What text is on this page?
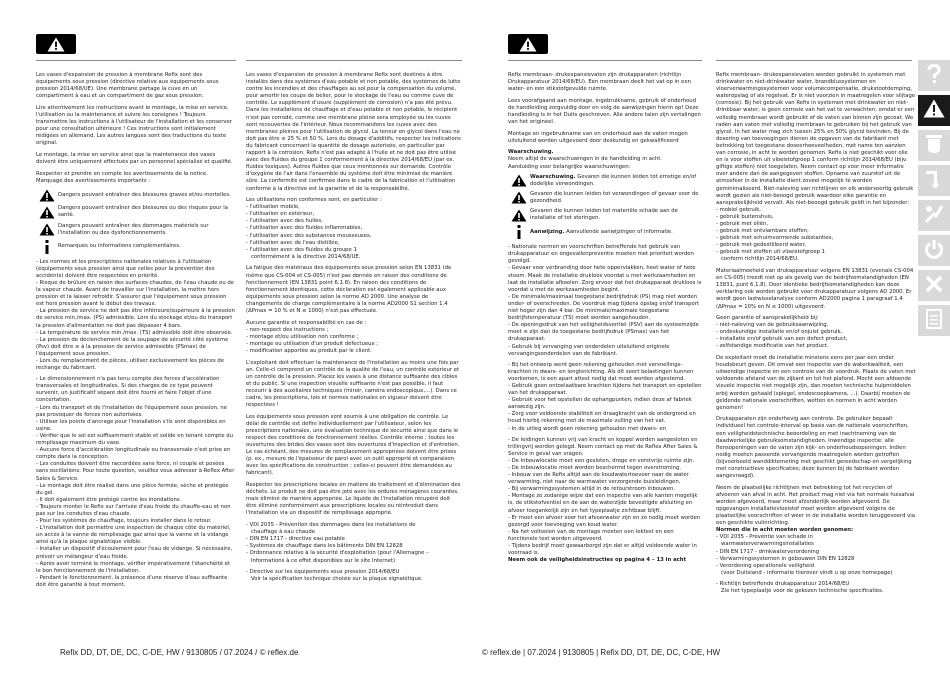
Les vases d'expansion de pression à membrane Refix sont des équipements sous pression (directive relative aux équipements sous pression 2014/68/UE). Une membrane partage la cuve en un compartiment à eau et un compartiment de gaz sous pression.

Lire attentivement les instructions avant le montage, la mise en service, l'utilisation ou la maintenance et suivre les consignes ! Toujours transmettre les instructions à l'utilisateur de l'installation et les conserver pour une consultation ultérieure ! Ces instructions sont initialement rédigées en allemand. Les autres langues sont des traductions du texte original.

Le montage, la mise en service ainsi que la maintenance des vases doivent être uniquement effectués par un personnel spécialisé et qualifié.

Respecter et prendre en compte les avertissements de la notice.

Marquage des avertissements importants :

Dangers pouvant entraîner des blessures graves et/ou mortelles.
Dangers pouvant entraîner des blessures ou des risques pour la santé.
Dangers pouvant entraîner des dommages matériels sur l'installation ou des dysfonctionnements.
Remarques ou informations complémentaires.

- Les normes et les prescriptions nationales relatives à l'utilisation (équipements sous pression ainsi que celles pour la prévention des accidents) doivent être respectées en priorité.

- Risque de brûlure en raison des surfaces chaudes, de l'eau chaude ou de la vapeur chaude. Avant de travailler sur l'installation, la mettre hors pression et la laisser refroidir. S'assurer que l'équipement sous pression est hors pression avant le début des travaux.

- La pression de service ne doit pas être inférieure/supérieure à la pression de service min./max. (PS) admissible. Lors du stockage et/ou du transport la pression d'alimentation ne doit pas dépasser 4 bars.

- La température de service min./max. (TS) admissible doit être observée.

- La pression de déclenchement de la soupape de sécurité côté système (Psv) doit être ≤ à la pression de service admissible (PSmax) de l'équipement sous pression.

- Lors du remplacement de pièces, utiliser exclusivement les pièces de rechange du fabricant.

- Le dimensionnement n'a pas tenu compte des forces d'accélération transversales et longitudinales. Si des charges de ce type peuvent survenir, un justificatif séparé doit être fourni et faire l'objet d'une concertation.

- Lors du transport et de l'installation de l'équipement sous pression, ne pas provoquer de forces non autorisées.

- Utiliser les points d'ancrage pour l'installation s'ils sont disponibles en usine.

- Vérifier que le sol est suffisamment stable et solide en tenant compte du remplissage maximum du vase.

- Aucune force d'accélération longitudinale ou transversale n'est prise en compte dans la conception.

- Les conduites doivent être raccordées sans force, ni couple et posées sans oscillations. Pour toute question, veuillez vous adresser à Reflex After Sales & Service.

- Le montage doit être réalisé dans une pièce fermée, sèche et protégée du gel.

- Il doit également être protégé contre les inondations.

- Toujours monter le Refix sur l'arrivée d'eau froide du chauffe-eau et non pas sur les conduites d'eau chaude.

- Pour les systèmes de chauffage, toujours installer dans le retour.

- L'installation doit permettre une inspection de chaque côté du matériel, un accès à la vanne de remplissage gaz ainsi que la vanne et la vidange ainsi qu'à la plaque signalétique visible.

- Installer un dispositif d'écoulement pour l'eau de vidange. Si nécessaire, prévoir un mélangeur d'eau froide.

- Après avoir terminé le montage, vérifier impérativement l'étanchéité et le bon fonctionnement de l'installation.

- Pendant le fonctionnement, la présence d'une réserve d'eau suffisante doit être garantie à tout moment.

Les vases d'expansion de pression à membrane Refix sont destinés à être installés dans des systèmes d'eau potable et non potable, des systèmes de lutte contre les incendies et des chauffages au sol pour la compensation du volume, pour amortir les coups de bélier, pour le stockage de l'eau ou comme cuve de contrôle. Le supplément d'usure (supplément de corrosion) n'a pas été prévu. Dans les installations de chauffage et d'eau potable et non potable, le récipient n'est pas corrodé, comme une membrane pleine sera employée ou les cuves sont recouvertes de l'intérieur. Nous recommandons les cuves avec des membranes pleines pour l'utilisation de glycol. La teneur en glycol dans l'eau ne doit pas être ≤ 25 % et 50 %. Lors du dosage d'additifs, respecter les indications du fabricant concernant la quantité de dosage autorisée, en particulier par rapport à la corrosion. Refix n'est pas adapté à l'huile et ne doit pas être utilisé avec des fluides du groupe 1 conformément à la directive 2014/68/EU (par ex. fluides toxiques). Autres fluides que ceux mentionnés sur demande. Contrôle d'oxygène de l'air dans l'ensemble du système doit être minimisé de manière sûre. La conformité est confirmée dans le cadre de la fabrication et l'utilisation conforme à la directive est la garantie et de la responsabilité.

Les utilisations non conformes sont, en particulier :

- l'utilisation mobile,

- l'utilisation en extérieur,

- l'utilisation avec des huiles,

- l'utilisation avec des fluides inflammables,

- l'utilisation avec des substances mousseuses,

- l'utilisation avec de l'eau distillée,

- l'utilisation avec des fluides du groupe 1

conformément à la directive 2014/68/UE.

La fatigue des matériaux des équipements sous pression selon EN 13831 (de même que CS-004 et CS-005) n'est pas donnée en raison des conditions de fonctionnement (EN 13831 point 6.1.8). En raison des conditions de fonctionnement identiques, cette déclaration est également applicable aux équipements sous pression selon la norme AD 2000. Une analyse de changements de charge complémentaire à la norme AD2000 S1 section 1.4 (ΔPmax = 10 % et N ≤ 1000) n'est pas effectuée.

Aucune garantie et responsabilité en cas de :

- non-respect des instructions ;

- montage et/ou utilisation non conforme ;

- montage ou utilisation d'un produit défectueux ;

- modification apportée au produit par le client.

L'exploitant doit effectuer la maintenance de l'installation au moins une fois par an. Celle-ci comprend un contrôle de la qualité de l'eau, un contrôle extérieur et un contrôle de la pression. Placez les vases à une distance suffisante des cibles et du public. Si une inspection visuelle suffisante n'est pas possible, il faut recourir à des auxiliaires techniques (miroir, caméra endoscopique,...). Dans ce cadre, les prescriptions, lois et normes nationales en vigueur doivent être respectées !

Les équipements sous pression sont soumis à une obligation de contrôle. Le délai de contrôle est défini individuellement par l'utilisateur, selon les prescriptions nationales, une évaluation technique de sécurité ainsi que dans le respect des conditions de fonctionnement réelles. Contrôle interne : toutes les ouvertures des brides des vases sont des ouvertures d'inspection et d'entretien. Le cas échéant, des mesures de remplacement appropriées doivent être prises (p. ex., mesure de l'épaisseur de paroi avec un outil approprié et comparaison avec les spécifications de construction ; celles-ci peuvent être demandées au fabricant).

Respecter les prescriptions locales en matière de traitement et d'élimination des déchets. Le produit ne doit pas être jeté avec les ordures ménagères courantes, mais éliminé de manière appropriée. Le liquide de l'installation récupéré doit être éliminé conformément aux prescriptions locales ou réintroduit dans l'installation via un dispositif de remplissage approprié.

- VDI 2035 - Prévention des dommages dans les installations de

chauffage à eau chaude

- DIN EN 1717 - directive eau potable

- Systèmes de chauffage dans les bâtiments DIN EN 12828

- Ordonnance relative à la sécurité d'exploitation (pour l'Allemagne –

Informations à ce effet disponibles sur le site Internet)

- Directive sur les équipements sous pression 2014/68/EU

Voir la spécification technique choisie sur la plaque signalétique.

Refix DD, DT, DE, DC, C-DE, HW / 9130805 / 07.2024 / © reflex.de

Refix membraan- drukexpansievaten zijn drukapparaten (richtlijn Drukapparatuur 2014/68/EU). Een membraan deelt het vat op in een water- en een stikstofgevulde ruimte.

Lees voorafgaand aan montage, ingebruikname, gebruik of onderhoud de handleiding zorgvuldig door en volg de aanwijzingen hierin op! Deze handleiding is in het Duits geschreven. Alle andere talen zijn vertalingen van het origineel.

Montage en ingebruikname van en onderhoud aan de vaten mogen uitsluitend worden uitgevoerd door deskundig en gekwalificeerd

Waarschuwing.

Neem altijd de waarschuwingen in de handleiding in acht.

Aanduiding voor belangrijke waarschuwingen:

Waarschuwing. Gevaren die kunnen leiden tot ernstige en/of dodelijke verwondingen.
Gevaren die kunnen leiden tot verwondingen of gevaar voor de gezondheid.
Gevaren die kunnen leiden tot materiële schade aan de installatie of tot storingen.
Aanwijzing. Aanvullende aanwijzingen of informatie.

- Nationale normen en voorschriften betreffende het gebruik van drukapparatuur en ongevallenpreventie moeten met prioriteit worden gevolgd.

- Gevaar voor verbranding door hete oppervlakken, heet water of hete stoom. Maak de installatie drukloos voordat u met werkzaamheden en laat de installatie afkoelen. Zorg ervoor dat het drukapparaat drukloos is voordat u met de werkzaamheden begint.

- De minimale/maximaal toegestane bedrijfsdruk (PS) mag niet worden onder- of overschreden. De voordruk mag tijdens opslag en/of transport niet hoger zijn dan 4 bar. De minimale/maximale toegestane bedrijfstemperatuur (TS) moet worden aangehouden.

- De openingsdruk van het veiligheidsventiel (PSV) aan de systeemzijde moet ≤ zijn dan de toegestane bedrijfsdruk (PSmax) van het drukapparaat.

- Gebruik bij vervanging van onderdelen uitsluitend originele vervangingsonderdelen van de fabrikant.

- Bij het ontwerp werd geen rekening gehouden met versnellings-krachten in dwars- en lengterichting. Als dit soort belastingen kunnen voorkomen, is een apart attest nodig dat moet worden afgestemd.

- Gebruik geen ontoelaatbare krachten tijdens het transport en opstellen van het drukapparaat.

- Gebruik voor het opstellen de ophangpunten, indien deze af fabriek aanwezig zijn.

- Zorg voor voldoende stabiliteit en draagkracht van de ondergrond en houd hierbij rekening met de maximale vulling van het vat.

- In de uitleg wordt geen rekening gehouden met dwars- en

- De leidingen kunnen vrij van kracht en koppel worden aangesloten en trillingvrij worden gelegd. Neem contact op met de Reflex After Sales & Service in geval van vragen.

- De inbouwlocatie moet een gesloten, droge en vorstvrije ruimte zijn.

- De inbouwlocatie moet worden beschermd tegen overstroming.

- Inbouw van de Refix altijd aan de koudwatertoevoer naar de water verwarming, niet naar de warmwater verzorgende buisleidingen.

- Bij verwarmingssystemen altijd in de retourstroom inbouwen.

- Montage zo zodanige wijze dat een inspectie van alle kanten mogelijk is, de stikstofventiel en de aan de waterzijde bevestigde afsluiting en afvoer toegankelijk zijn en het typeplaatje zichtbaar blijft.

- Er moet een afvoer voor het afvoerwater zijn en zo nodig moet worden gezorgd voor toevoeging van koud water.

- Na het voltooien van de montage moeten een lektest en een functionele test worden uitgevoerd.

- Tijdens bedrijf moet gewaarborgd zijn dat er altijd voldoende water in voorraad is.

Neem ook de veiligheidsinstructies op pagina 4 – 13 in acht

Refix membraan- drukexpansievaten worden gebruikt in systemen met drinkwater en niet-drinkwater water, brandblussystemen en vloerverwarmingssystemen voor volumecompensatie, drukstootdemping, wateropslag of als regelvat. Er is niet voorzien in maatregelen voor slijtage (corrosie). Bij het gebruik van Refix in systemen met drinkwater en niet-drinkbaar water, is geen corrosie van het vat te verwachten, omdat er een volledig membraan wordt gebruikt of de vaten van binnen zijn gecoat. We raden aan vaten met volledig membraan te gebruiken bij het gebruik van glycol. In het water mag zich tussen 25% en 50% glycol bevinden. Bij de dosering van toevoegingen dienen de opgaven van de fabrikant met betrekking tot toegestane doseerhoeveelheden, met name ten aanzien van corrosie, in acht te worden genomen. Refix is niet geschikt voor olie en is voor stoffen uit vloeistofgroep 1 conform richtlijn 2014/68/EU (bijv. giftige stoffen) niet toegelaten. Neem contact op voor meer informatie over andere dan de aangegeven stoffen. Opname van zuurstof uit de atmosfeer in de installatie dient zoveel mogelijk te worden geminimaliseerd. Niet-naleving van richtlijnen en elk andersoortig gebruik wordt gezien als niet-beoogd gebruik waardoor elke garantie en aansprakelijkheid vervalt. Als niet-beoogd gebruik geldt in het bijzonder:

- mobiel gebruik,

- gebruik buitenshuis,

- gebruik met oliën,

- gebruik met ontvlambare stoffen,

- gebruik met schuimvormende substanties,

- gebruik met gedestilleerd water,

- gebruik met stoffen uit vloeistofgroep 1

conform richtlijn 2014/68/EU.

Materiaalmoeheid van drukapparatuur volgens EN 13831 (evenals CS-004 en CS-005) treedt niet op als gevolg van de bedrijfsomstandigheden (EN 13831, punt 6.1.8). Door identieke bedrijfsomstandigheden kan deze verklaring ook worden gebruikt voor drukapparatuur volgens AD 2000. Er wordt geen lastwisselanalyse conform AD2000 pagina 1 paragraaf 1.4 (ΔPmax = 10% en N ≤ 1000) uitgevoerd.

Geen garantie of aansprakelijkheid bij:

- niet-naleving van de gebruiksaanwijzing,

- ondeskundige installatie en/of onjuist gebruik,

- installatie en/of gebruik van een defect product,

- zelfstandige modificatie van het product.

De exploitant moet de installatie minstens eens per jaar een onder houdsbeurt geven. Dit omvat een inspectie van de waterkwaliteit, een uitwendige inspectie en een controle van de voordruk. Plaats de vaten met voldoende afstand van de zijkant en tot het plafond. Mocht een afdoende visuele inspectie niet mogelijk zijn, dan moeten technische hulpmiddelen erbij worden gehaald (spiegel, endoscoopkamera, ...). Daarbij moeten de geldende nationale voorschriften, wetten en normen in acht worden genomen!

Drukapparaten zijn onderhevig aan controle. De gebruiker bepaalt individueel het controle-interval op basis van de nationale voorschriften, een veiligheidstechnische beoordeling en met inachtneming van de daadwerkelijke gebruiksomstandigheden. Inwendige inspectie: alle flensopeningen van de vaten zijn kijk- en onderhoudsopeningen. Indien nodig moeten passende vervangende maatregelen worden getroffen (bijvoorbeeld wanddiktemeting met geschikt gereedschap en vergelijking met constructieve specificaties; deze kunnen bij de fabrikant worden aangevraagd).

Neem de plaatselijke richtlijnen met betrekking tot het recyclen of afvoeren van afval in acht. Het product mag niet via het normale huisafval worden afgevoerd, maar moet afzonderlijk worden afgevoerd. De opgevangen installatievloeistof moet worden afgevoerd volgens de plaatselijke voorschriften of weer in de installatie worden teruggevoerd via een geschikte vulinrichting.

Normen die in acht moeten worden genomen:

- VDI 2035 - Preventie van schade in

warmwaterverwarmingsinstallaties

- DIN EN 1717 - drinkwaterverordening

- Verwarmingssystemen in gebouwen DIN EN 12828

- Verordening operationele veiligheid

(voor Duitsland - informatie hierover vindt u op onze homepage)

- Richtlijn betreffende drukapparatuur 2014/68/EU

Zie het typeplaatje voor de gekozen technische specificaties.

© reflex.de | 07.2024 | 9130805 | Refix DD, DT, DE, DC, C-DE, HW
